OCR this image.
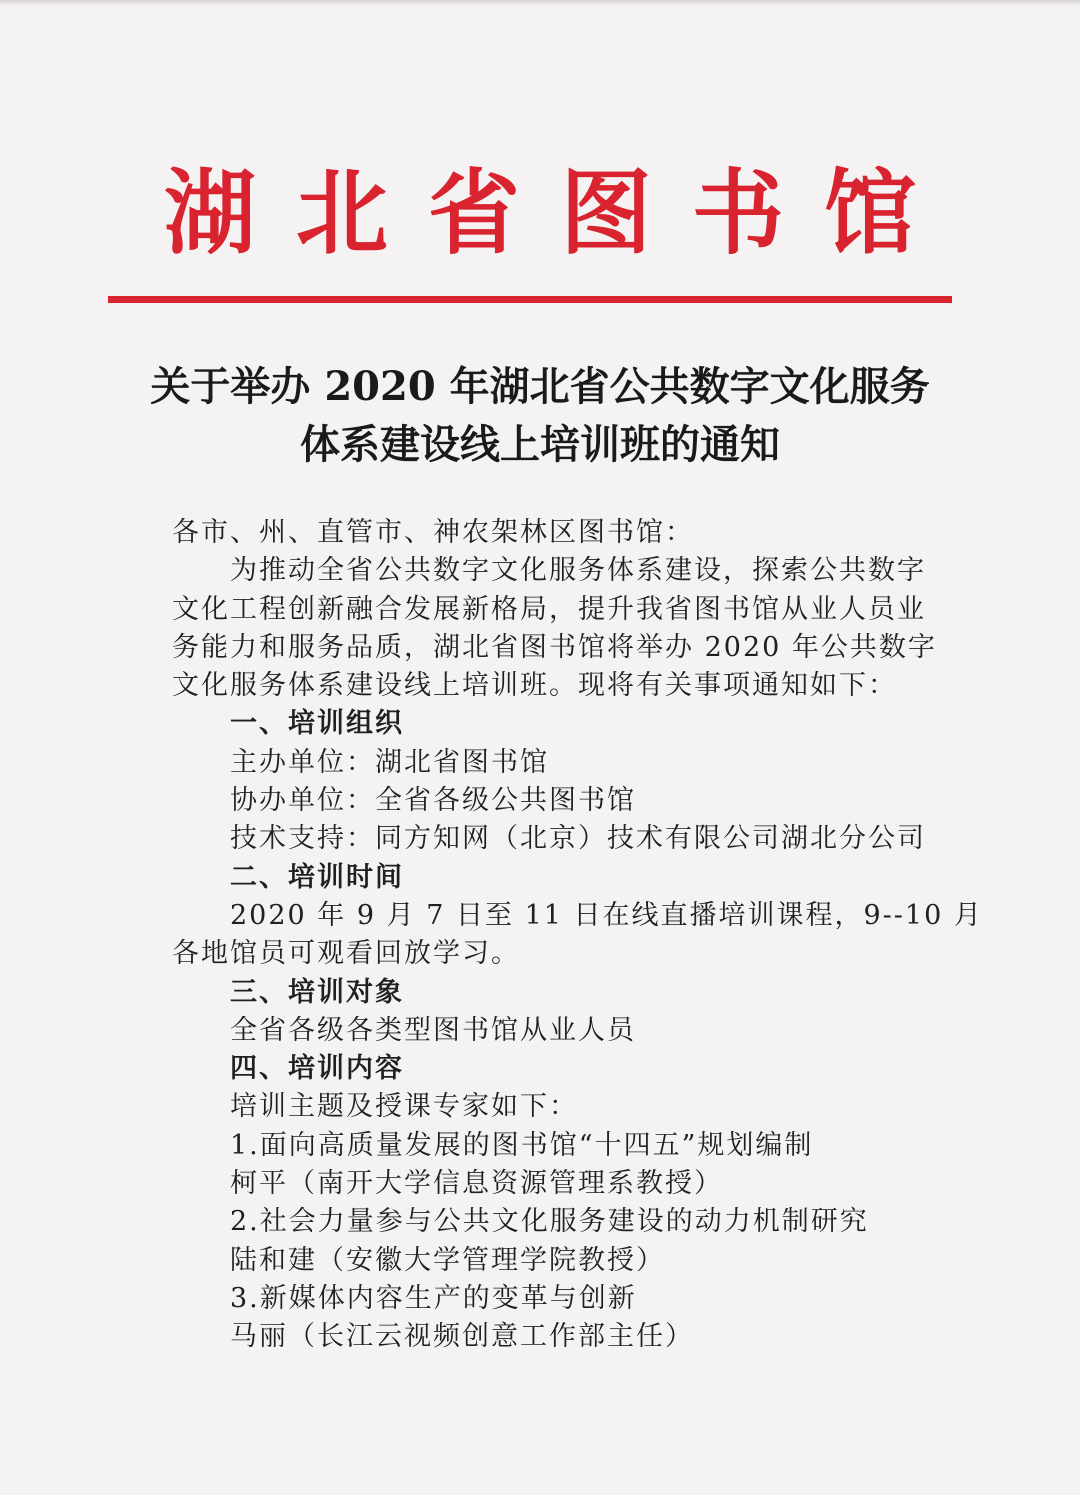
湖北省图书馆
关于举办 2020 年湖北省公共数字文化服务
体系建设线上培训班的通知
各市、州、直管市、神农架林区图书馆：
为推动全省公共数字文化服务体系建设，探索公共数字
文化工程创新融合发展新格局，提升我省图书馆从业人员业
务能力和服务品质，湖北省图书馆将举办 2020 年公共数字
文化服务体系建设线上培训班。现将有关事项通知如下：
一、培训组织
主办单位：湖北省图书馆
协办单位：全省各级公共图书馆
技术支持：同方知网（北京）技术有限公司湖北分公司
二、培训时间
2020 年 9 月 7 日至 11 日在线直播培训课程，9--10 月
各地馆员可观看回放学习。
三、培训对象
全省各级各类型图书馆从业人员
四、培训内容
培训主题及授课专家如下：
1.面向高质量发展的图书馆“十四五”规划编制
柯平（南开大学信息资源管理系教授）
2.社会力量参与公共文化服务建设的动力机制研究
陆和建（安徽大学管理学院教授）
3.新媒体内容生产的变革与创新
马丽（长江云视频创意工作部主任）
